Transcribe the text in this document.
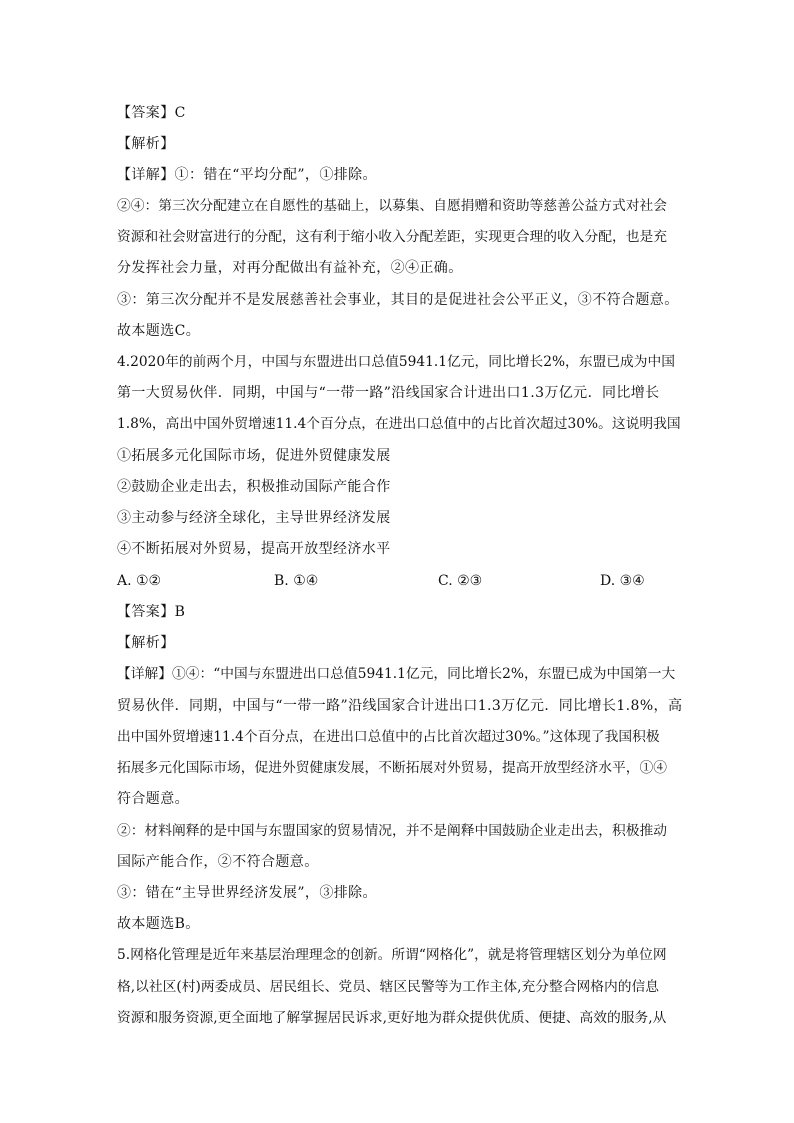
【答案】C
【解析】
【详解】①：错在“平均分配”，①排除。
②④：第三次分配建立在自愿性的基础上，以募集、自愿捐赠和资助等慈善公益方式对社会
资源和社会财富进行的分配，这有利于缩小收入分配差距，实现更合理的收入分配，也是充
分发挥社会力量，对再分配做出有益补充，②④正确。
③：第三次分配并不是发展慈善社会事业，其目的是促进社会公平正义，③不符合题意。
故本题选C。
4.2020年的前两个月，中国与东盟进出口总值5941.1亿元，同比增长2%，东盟已成为中国
第一大贸易伙伴．同期，中国与“一带一路”沿线国家合计进出口1.3万亿元．同比增长
1.8%，高出中国外贸增速11.4个百分点，在进出口总值中的占比首次超过30%。这说明我国
①拓展多元化国际市场，促进外贸健康发展
②鼓励企业走出去，积极推动国际产能合作
③主动参与经济全球化，主导世界经济发展
④不断拓展对外贸易，提高开放型经济水平
A. ①②	B. ①④	C. ②③	D. ③④
【答案】B
【解析】
【详解】①④：“中国与东盟进出口总值5941.1亿元，同比增长2%，东盟已成为中国第一大
贸易伙伴．同期，中国与“一带一路”沿线国家合计进出口1.3万亿元．同比增长1.8%，高
出中国外贸增速11.4个百分点，在进出口总值中的占比首次超过30%。”这体现了我国积极
拓展多元化国际市场，促进外贸健康发展，不断拓展对外贸易，提高开放型经济水平，①④
符合题意。
②：材料阐释的是中国与东盟国家的贸易情况，并不是阐释中国鼓励企业走出去，积极推动
国际产能合作，②不符合题意。
③：错在“主导世界经济发展”，③排除。
故本题选B。
5.网格化管理是近年来基层治理理念的创新。所谓“网格化”，就是将管理辖区划分为单位网
格,以社区(村)两委成员、居民组长、党员、辖区民警等为工作主体,充分整合网格内的信息
资源和服务资源,更全面地了解掌握居民诉求,更好地为群众提供优质、便捷、高效的服务,从
